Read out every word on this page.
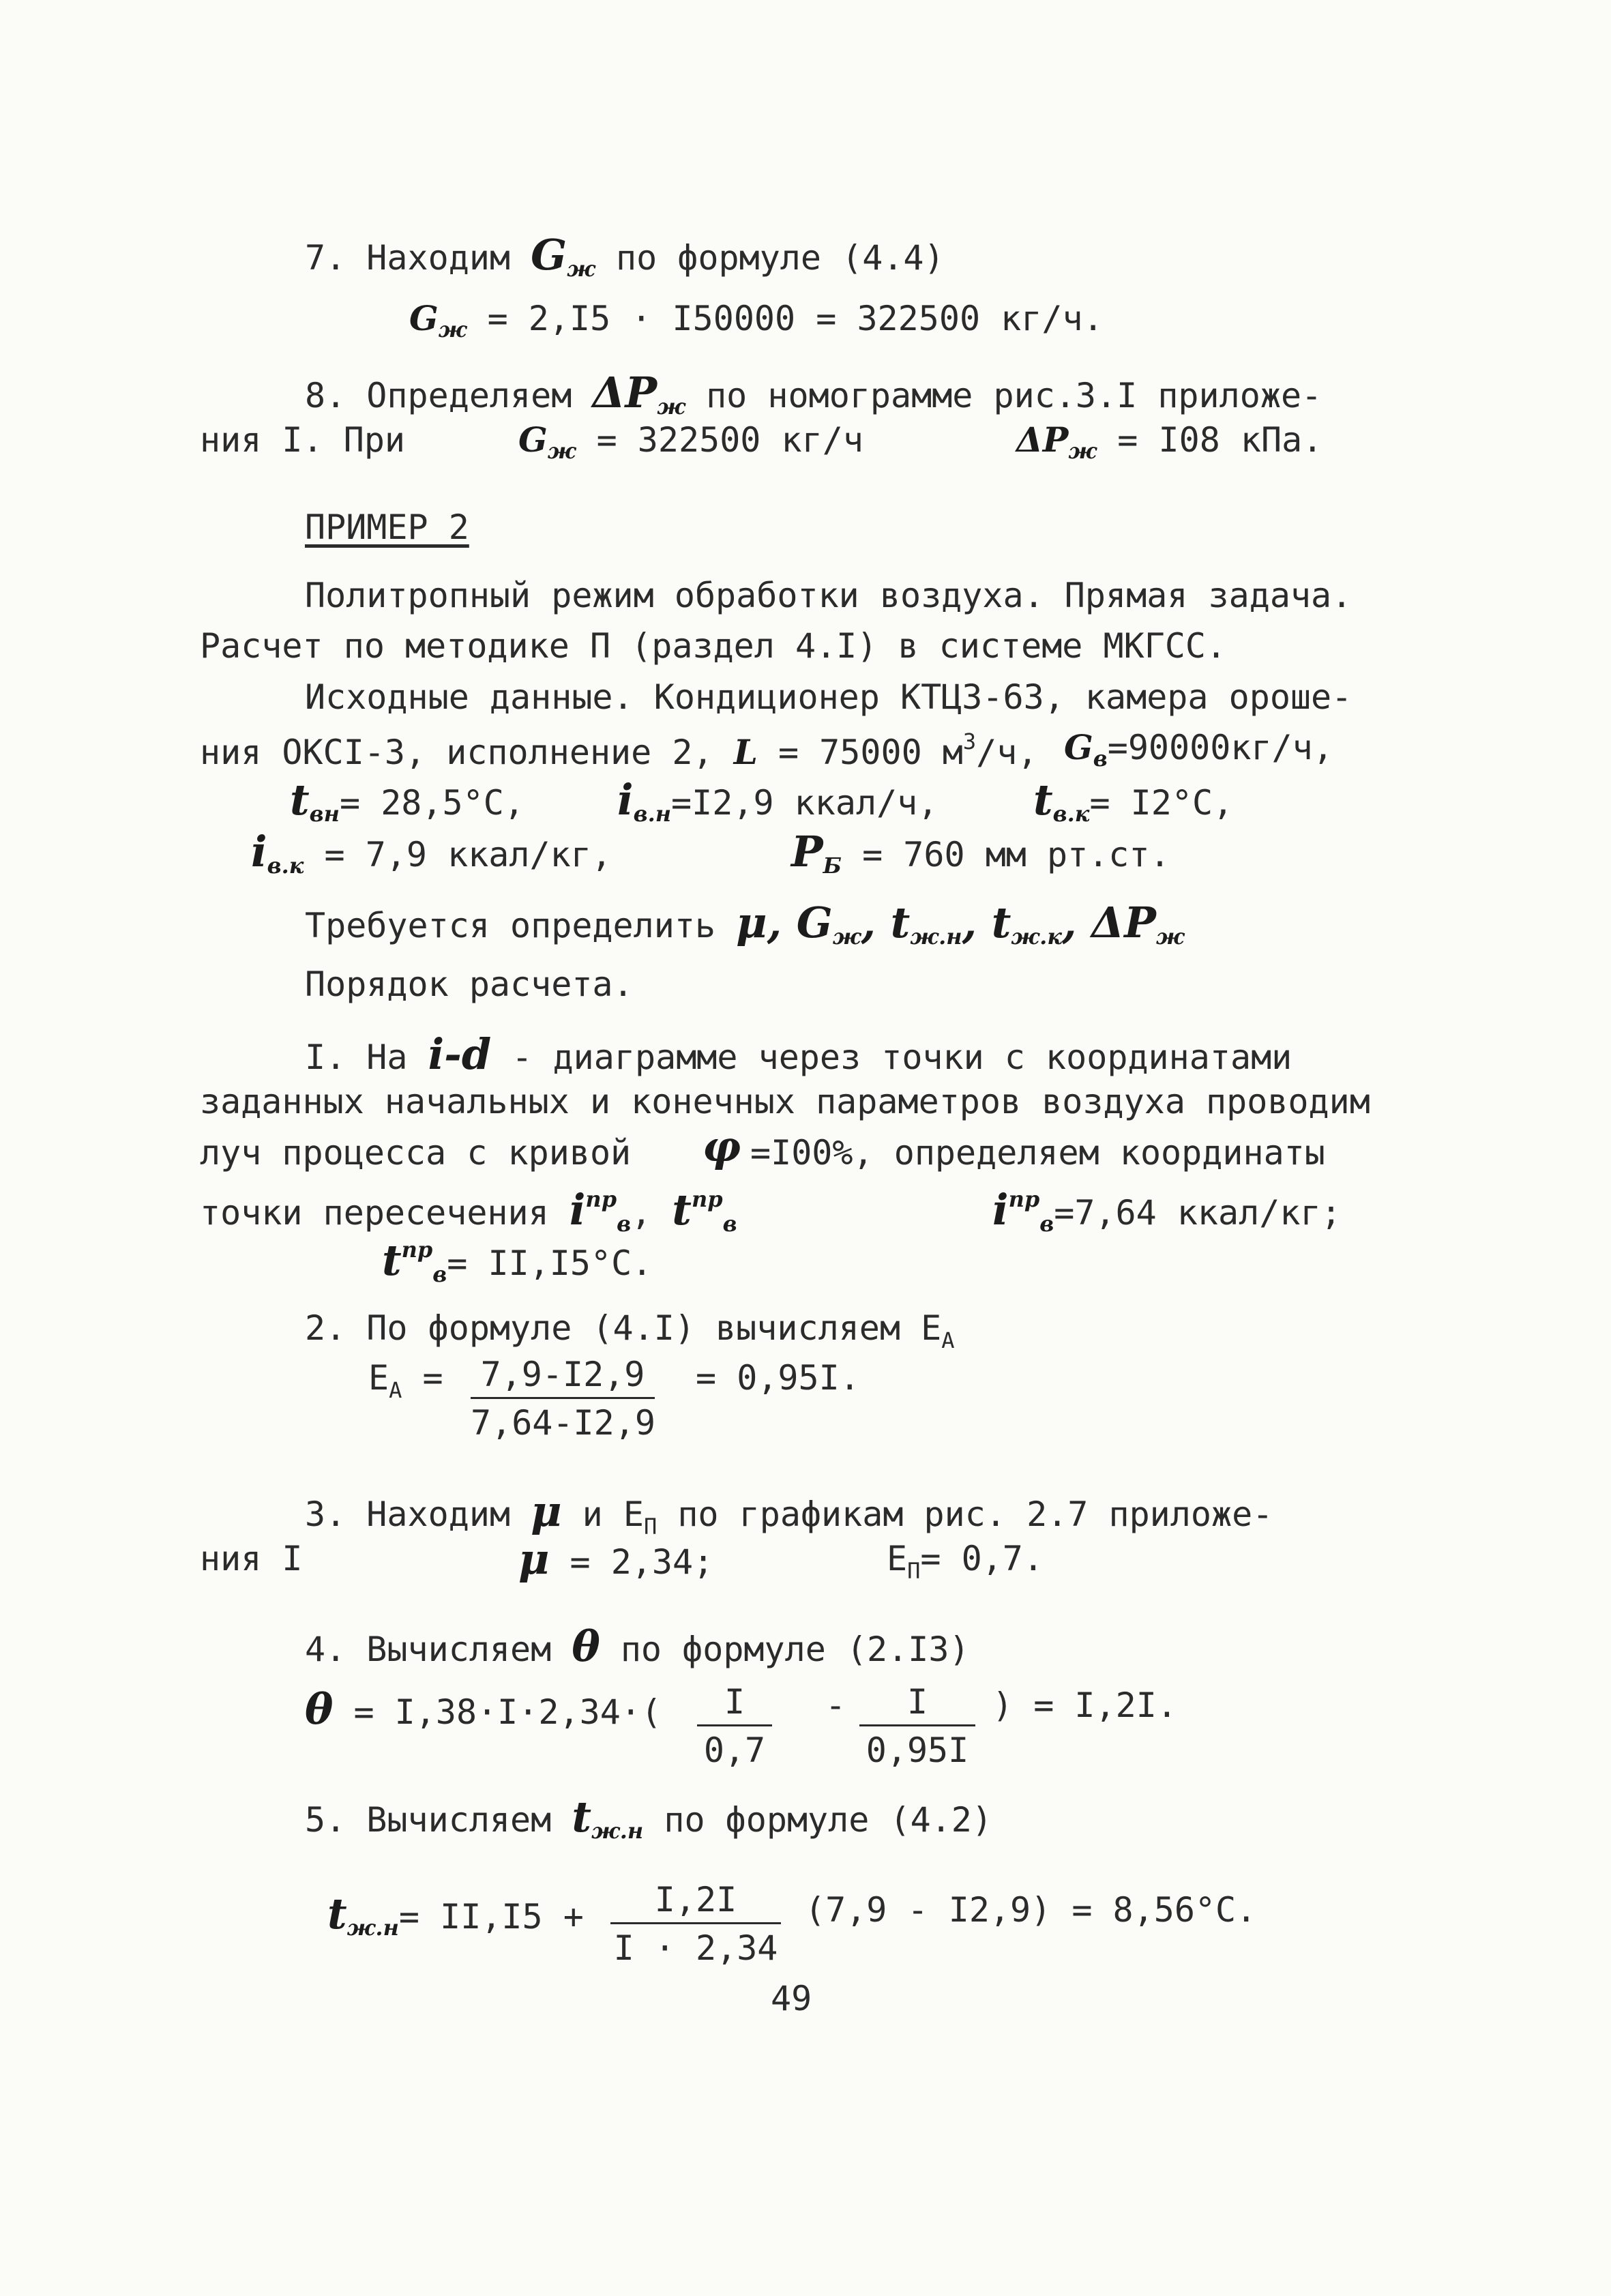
7. Находим $G_ж$ по формуле (4.4)
$G_ж = 2,I5 \cdot I50000 = 322500$ кг/ч.
8. Определяем $\Delta P_ж$ по номограмме рис.3.I приложе-
ния I. При	$G_ж = 322500$ кг/ч	$\Delta P_ж = I08$ кПа.
ПРИМЕР 2
Политропный режим обработки воздуха. Прямая задача.
Расчет по методике П (раздел 4.I) в системе МКГСС.
Исходные данные. Кондиционер КТЦ3-63, камера ороше-
ния ОКСI-3, исполнение 2, L = 75000 $м^3/ч$, $G_в=90000кг/ч$,
$t_{вн}= 28,5^\circ C$, $i_{в.н}=I2,9$ ккал/ч, $t_{в.к}= I2^\circ C$,
$i_{в.к} = 7,9$ ккал/кг,	$P_Б = 760$ мм рт.ст.
Требуется определить μ, $G_ж$, $t_{ж.н}$, $t_{ж.к}$, $\Delta P_ж$
Порядок расчета.
I. На i-d - диаграмме через точки с координатами
заданных начальных и конечных параметров воздуха проводим
луч процесса с кривой φ =I00%, определяем координаты
точки пересечения $i^{пр}_в$, $t^{пр}_в$	$i^{пр}_в=7,64$ ккал/кг;
$t^{пр}_в= II,I5^\circ C$.
2. По формуле (4.I) вычисляем $E_A$
$E_A = 7,9-I2,9$
7,64-I2,9
= 0,95I.
3. Находим μ и $E_П$ по графикам рис. 2.7 приложе-
ния I	μ = 2,34;	$E_П= 0,7$.
4. Вычисляем θ по формуле (2.I3)
θ = I,38·I·2,34·(	I
0,7
-	I
0,95I
) = I,2I.
5. Вычисляем $t_{ж.н}$ по формуле (4.2)
$t_{ж.н}= II,I5$ +	I,2I
I · 2,34
(7,9 - I2,9) = 8,56°C.
49
